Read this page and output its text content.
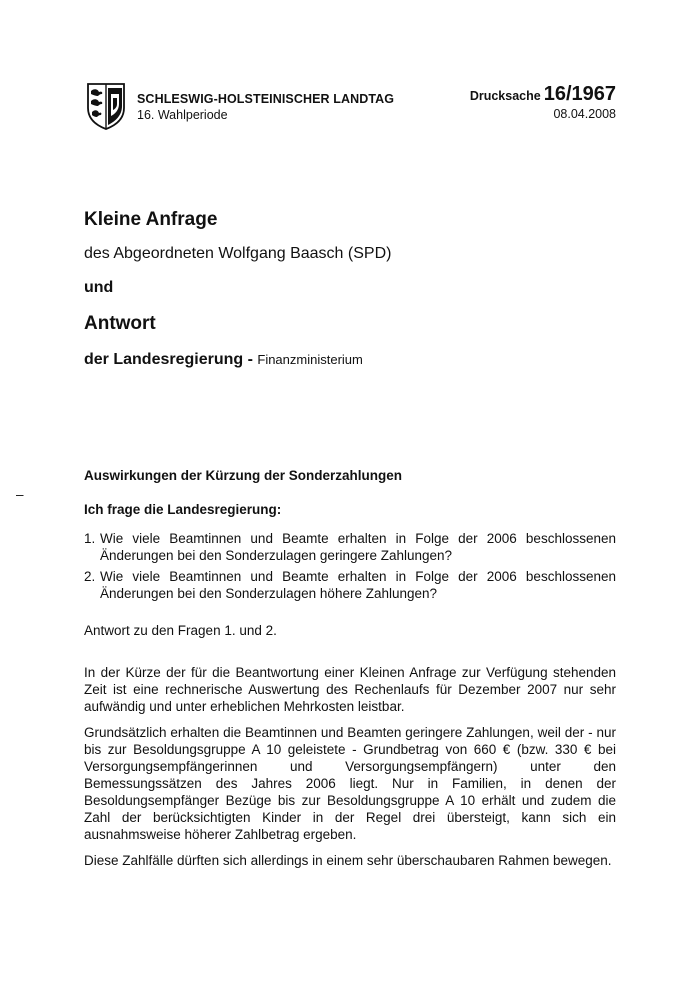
SCHLESWIG-HOLSTEINISCHER LANDTAG
16. Wahlperiode
Drucksache 16/1967
08.04.2008
Kleine Anfrage
des Abgeordneten Wolfgang Baasch (SPD)
und
Antwort
der Landesregierung - Finanzministerium
Auswirkungen der Kürzung der Sonderzahlungen
–
Ich frage die Landesregierung:
1. Wie viele Beamtinnen und Beamte erhalten in Folge der 2006 beschlossenen Änderungen bei den Sonderzulagen geringere Zahlungen?
2. Wie viele Beamtinnen und Beamte erhalten in Folge der 2006 beschlossenen Änderungen bei den Sonderzulagen höhere Zahlungen?
Antwort zu den Fragen 1. und 2.

In der Kürze der für die Beantwortung einer Kleinen Anfrage zur Verfügung stehenden Zeit ist eine rechnerische Auswertung des Rechenlaufs für Dezember 2007 nur sehr aufwändig und unter erheblichen Mehrkosten leistbar.

Grundsätzlich erhalten die Beamtinnen und Beamten geringere Zahlungen, weil der - nur bis zur Besoldungsgruppe A 10 geleistete - Grundbetrag von 660 € (bzw. 330 € bei Versorgungsempfängerinnen und Versorgungsempfängern) unter den Bemessungssätzen des Jahres 2006 liegt. Nur in Familien, in denen der Besoldungsempfänger Bezüge bis zur Besoldungsgruppe A 10 erhält und zudem die Zahl der berücksichtigten Kinder in der Regel drei übersteigt, kann sich ein ausnahmsweise höherer Zahlbetrag ergeben.

Diese Zahlfälle dürften sich allerdings in einem sehr überschaubaren Rahmen bewegen.
